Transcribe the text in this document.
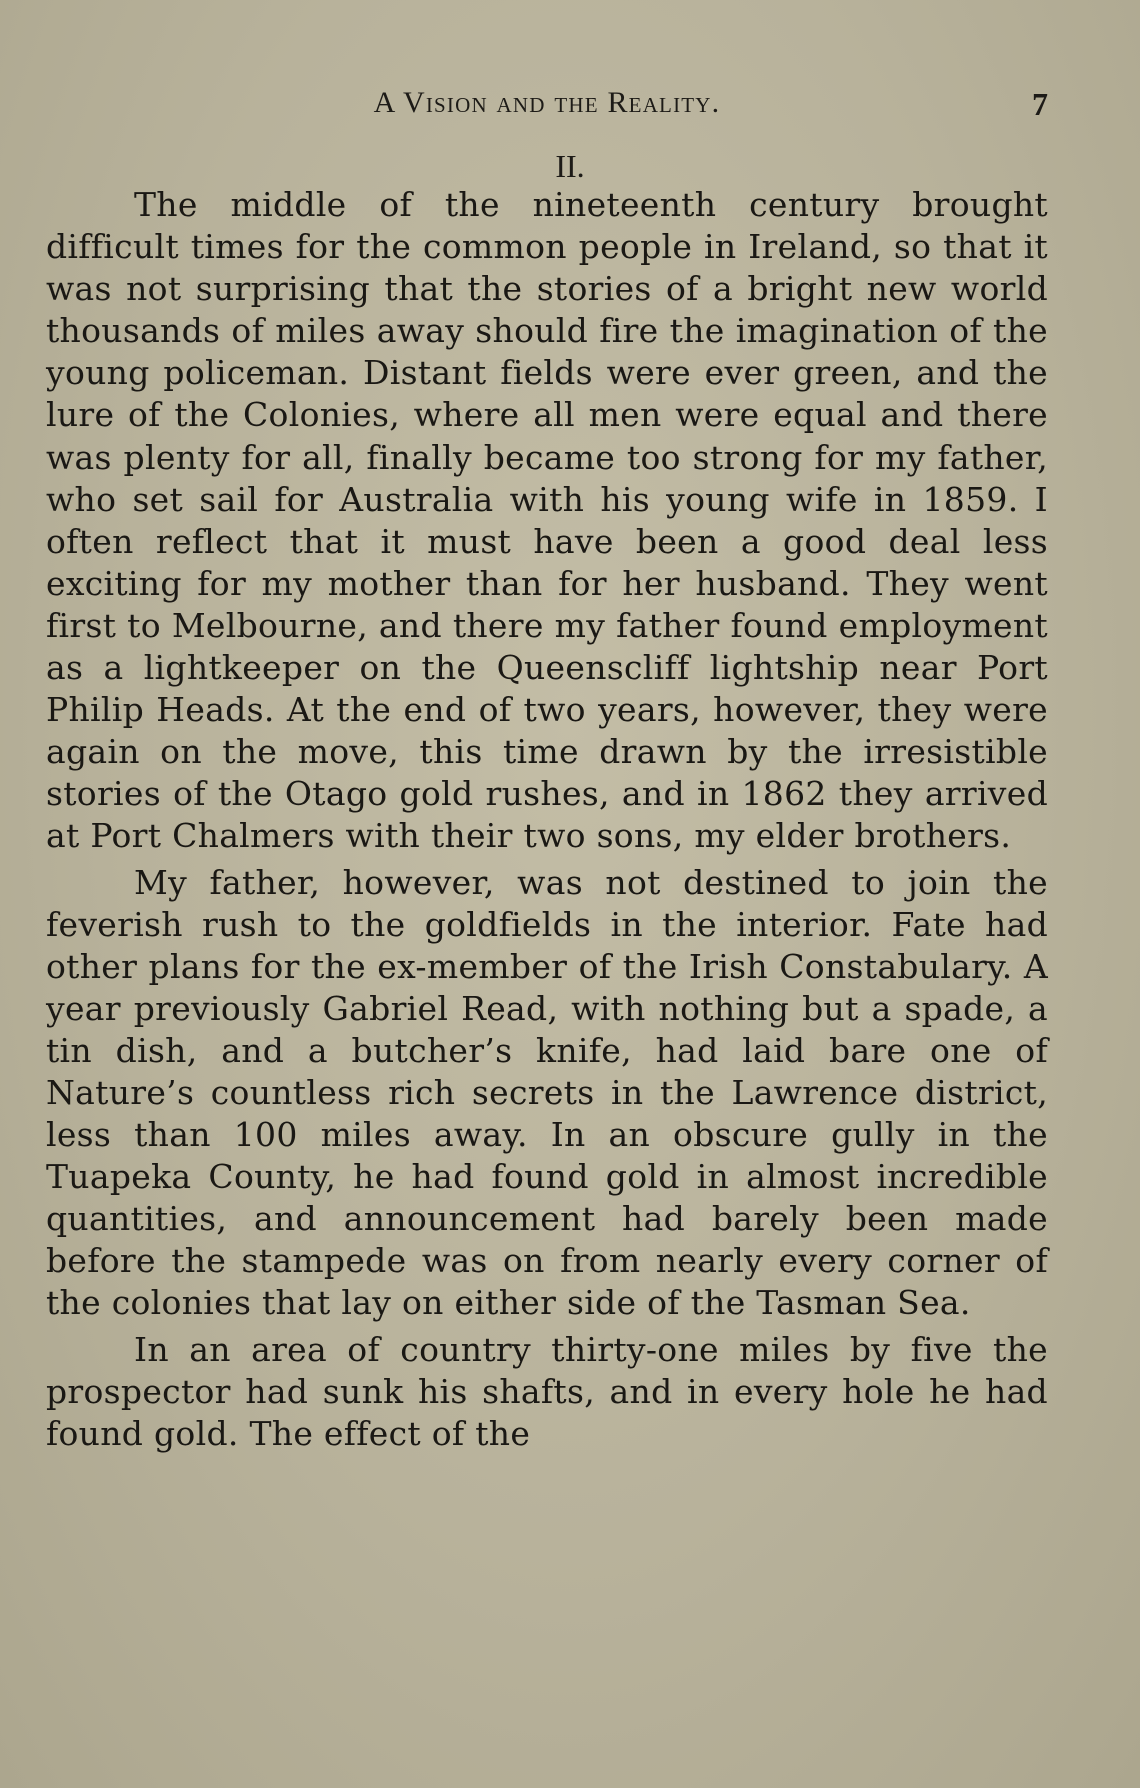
A Vision and the Reality.	7
II.

The middle of the nineteenth century brought difficult times for the common people in Ireland, so that it was not surprising that the stories of a bright new world thousands of miles away should fire the imagination of the young policeman. Distant fields were ever green, and the lure of the Colonies, where all men were equal and there was plenty for all, finally became too strong for my father, who set sail for Australia with his young wife in 1859. I often reflect that it must have been a good deal less exciting for my mother than for her husband. They went first to Melbourne, and there my father found employment as a lightkeeper on the Queenscliff lightship near Port Philip Heads. At the end of two years, however, they were again on the move, this time drawn by the irresistible stories of the Otago gold rushes, and in 1862 they arrived at Port Chalmers with their two sons, my elder brothers.

My father, however, was not destined to join the feverish rush to the goldfields in the interior. Fate had other plans for the ex-member of the Irish Constabulary. A year previously Gabriel Read, with nothing but a spade, a tin dish, and a butcher’s knife, had laid bare one of Nature’s countless rich secrets in the Lawrence district, less than 100 miles away. In an obscure gully in the Tuapeka County, he had found gold in almost incredible quantities, and announcement had barely been made before the stampede was on from nearly every corner of the colonies that lay on either side of the Tasman Sea.

In an area of country thirty-one miles by five the prospector had sunk his shafts, and in every hole he had found gold. The effect of the
